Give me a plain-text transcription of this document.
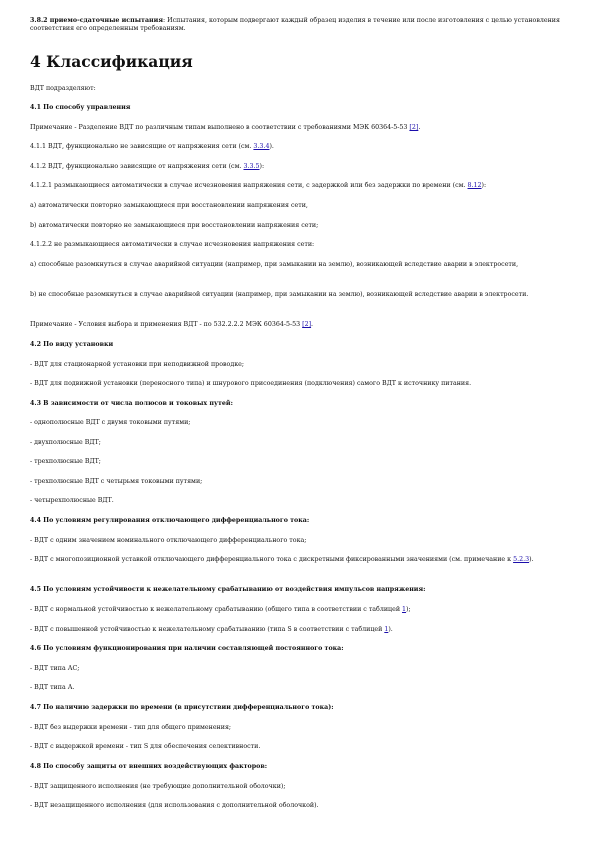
3.8.2 приемо-сдаточные испытания: Испытания, которым подвергают каждый образец изделия в течение или после изготовления с целью установления соответствия его определенным требованиям.
4 Классификация
ВДТ подразделяют:
4.1 По способу управления
Примечание - Разделение ВДТ по различным типам выполнено в соответствии с требованиями МЭК 60364-5-53 [2].
4.1.1 ВДТ, функционально не зависящие от напряжения сети (см. 3.3.4).
4.1.2 ВДТ, функционально зависящие от напряжения сети (см. 3.3.5):
4.1.2.1 размыкающиеся автоматически в случае исчезновения напряжения сети, с задержкой или без задержки по времени (см. 8.12):
а) автоматически повторно замыкающиеся при восстановлении напряжения сети,
b) автоматически повторно не замыкающиеся при восстановлении напряжения сети;
4.1.2.2 не размыкающиеся автоматически в случае исчезновения напряжения сети:
а) способные разомкнуться в случае аварийной ситуации (например, при замыкании на землю), возникающей вследствие аварии в электросети,
b) не способные разомкнуться в случае аварийной ситуации (например, при замыкании на землю), возникающей вследствие аварии в электросети.
Примечание - Условия выбора и применения ВДТ - по 532.2.2.2 МЭК 60364-5-53 [2].
4.2 По виду установки
- ВДТ для стационарной установки при неподвижной проводке;
- ВДТ для подвижной установки (переносного типа) и шнурового присоединения (подключения) самого ВДТ к источнику питания.
4.3 В зависимости от числа полюсов и токовых путей:
- однополюсные ВДТ с двумя токовыми путями;
- двухполюсные ВДТ;
- трехполюсные ВДТ;
- трехполюсные ВДТ с четырьмя токовыми путями;
- четырехполюсные ВДТ.
4.4 По условиям регулирования отключающего дифференциального тока:
- ВДТ с одним значением номинального отключающего дифференциального тока;
- ВДТ с многопозиционной уставкой отключающего дифференциального тока с дискретными фиксированными значениями (см. примечание к 5.2.3).
4.5 По условиям устойчивости к нежелательному срабатыванию от воздействия импульсов напряжения:
- ВДТ с нормальной устойчивостью к нежелательному срабатыванию (общего типа в соответствии с таблицей 1);
- ВДТ с повышенной устойчивостью к нежелательному срабатыванию (типа S в соответствии с таблицей 1).
4.6 По условиям функционирования при наличии составляющей постоянного тока:
- ВДТ типа АС;
- ВДТ типа А.
4.7 По наличию задержки по времени (в присутствии дифференциального тока):
- ВДТ без выдержки времени - тип для общего применения;
- ВДТ с выдержкой времени - тип S для обеспечения селективности.
4.8 По способу защиты от внешних воздействующих факторов:
- ВДТ защищенного исполнения (не требующие дополнительной оболочки);
- ВДТ незащищенного исполнения (для использования с дополнительной оболочкой).
